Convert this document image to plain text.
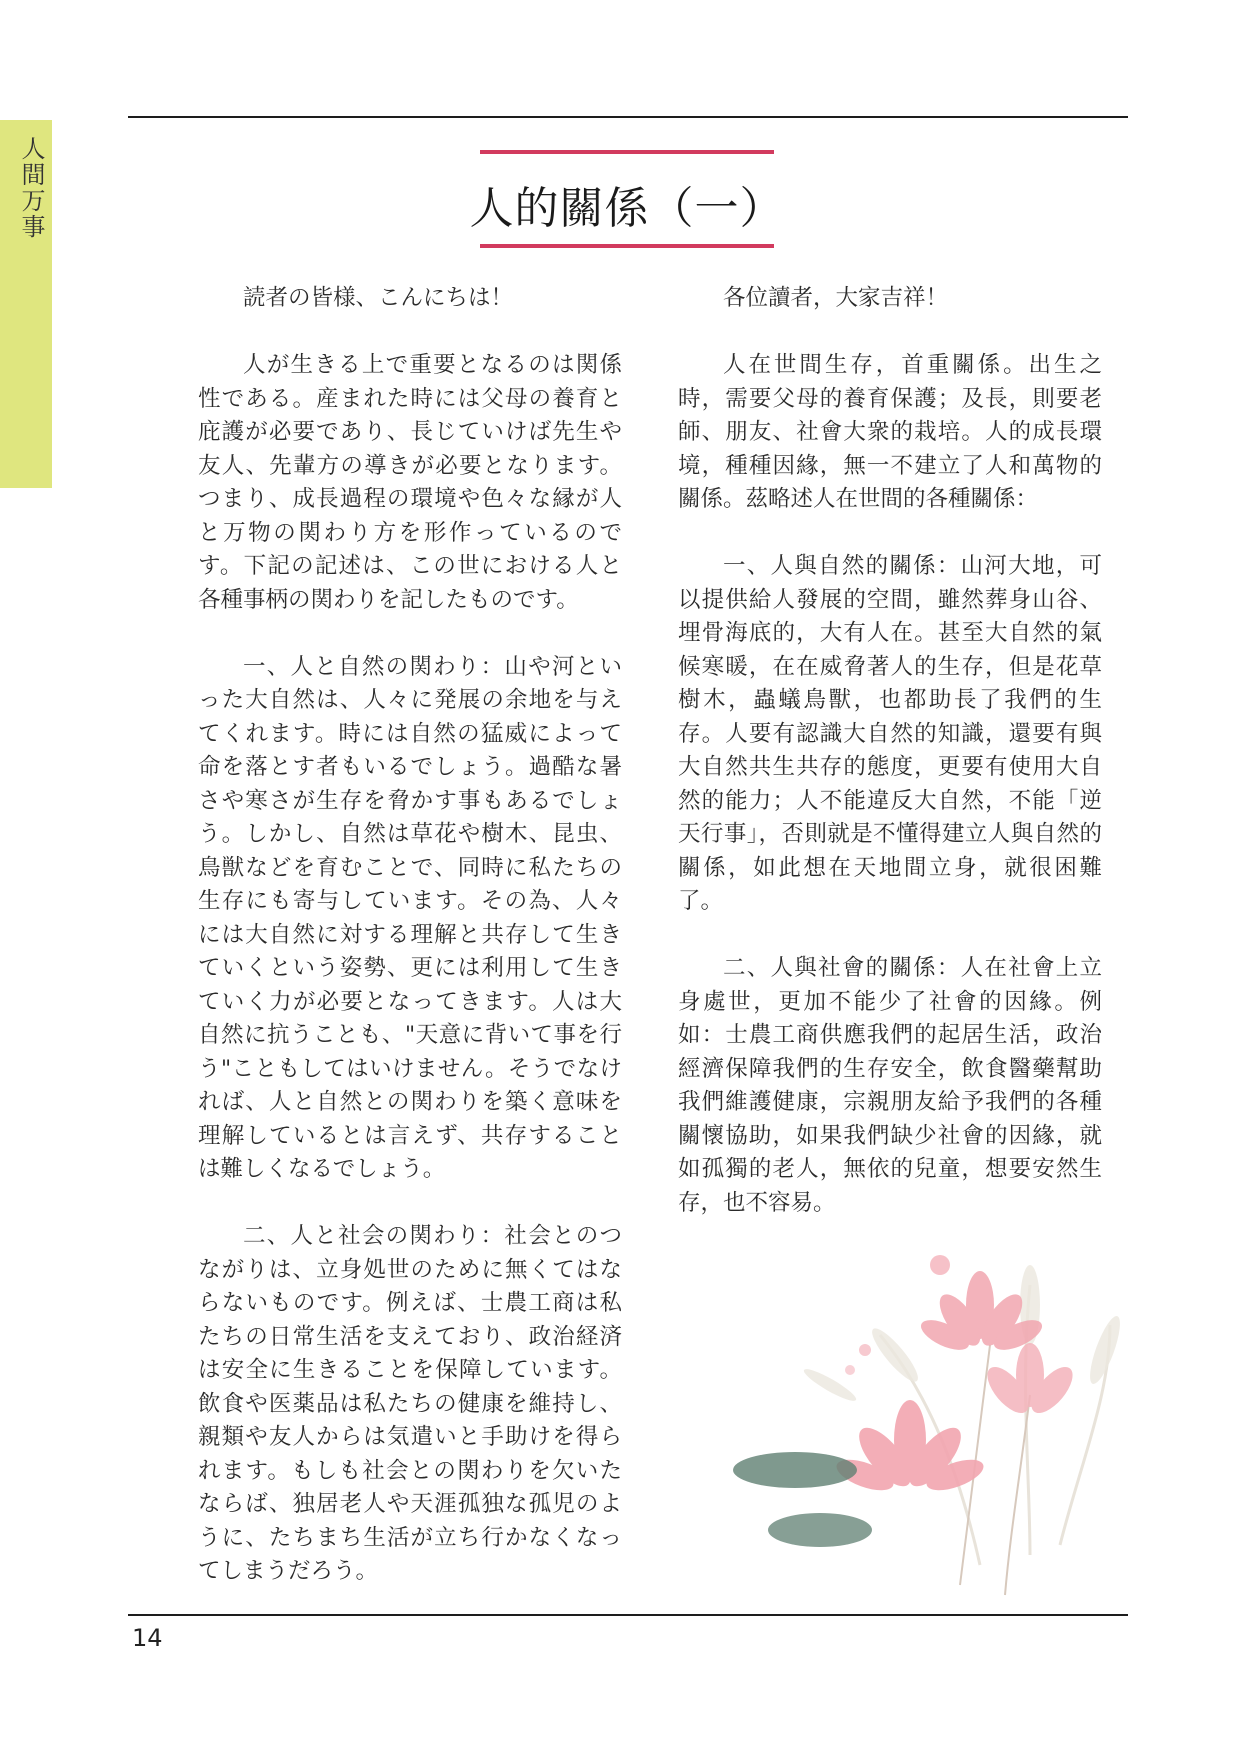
人間万事	人的關係（一）

読者の皆様、こんにちは！

人が生きる上で重要となるのは関係性である。産まれた時には父母の養育と庇護が必要であり、長じていけば先生や友人、先輩方の導きが必要となります。つまり、成長過程の環境や色々な縁が人と万物の関わり方を形作っているのです。下記の記述は、この世における人と各種事柄の関わりを記したものです。

一、人と自然の関わり：山や河といった大自然は、人々に発展の余地を与えてくれます。時には自然の猛威によって命を落とす者もいるでしょう。過酷な暑さや寒さが生存を脅かす事もあるでしょう。しかし、自然は草花や樹木、昆虫、鳥獣などを育むことで、同時に私たちの生存にも寄与しています。その為、人々には大自然に対する理解と共存して生きていくという姿勢、更には利用して生きていく力が必要となってきます。人は大自然に抗うことも、"天意に背いて事を行う"こともしてはいけません。そうでなければ、人と自然との関わりを築く意味を理解しているとは言えず、共存することは難しくなるでしょう。

二、人と社会の関わり：社会とのつながりは、立身処世のために無くてはならないものです。例えば、士農工商は私たちの日常生活を支えており、政治経済は安全に生きることを保障しています。飲食や医薬品は私たちの健康を維持し、親類や友人からは気遣いと手助けを得られます。もしも社会との関わりを欠いたならば、独居老人や天涯孤独な孤児のように、たちまち生活が立ち行かなくなってしまうだろう。

各位讀者，大家吉祥！

人在世間生存，首重關係。出生之時，需要父母的養育保護；及長，則要老師、朋友、社會大衆的栽培。人的成長環境，種種因緣，無一不建立了人和萬物的關係。茲略述人在世間的各種關係：

一、人與自然的關係：山河大地，可以提供給人發展的空間，雖然葬身山谷、埋骨海底的，大有人在。甚至大自然的氣候寒暖，在在威脅著人的生存，但是花草樹木，蟲蟻鳥獸，也都助長了我們的生存。人要有認識大自然的知識，還要有與大自然共生共存的態度，更要有使用大自然的能力；人不能違反大自然，不能「逆天行事」，否則就是不懂得建立人與自然的關係，如此想在天地間立身，就很困難了。

二、人與社會的關係：人在社會上立身處世，更加不能少了社會的因緣。例如：士農工商供應我們的起居生活，政治經濟保障我們的生存安全，飲食醫藥幫助我們維護健康，宗親朋友給予我們的各種關懷協助，如果我們缺少社會的因緣，就如孤獨的老人，無依的兒童，想要安然生存，也不容易。

14
